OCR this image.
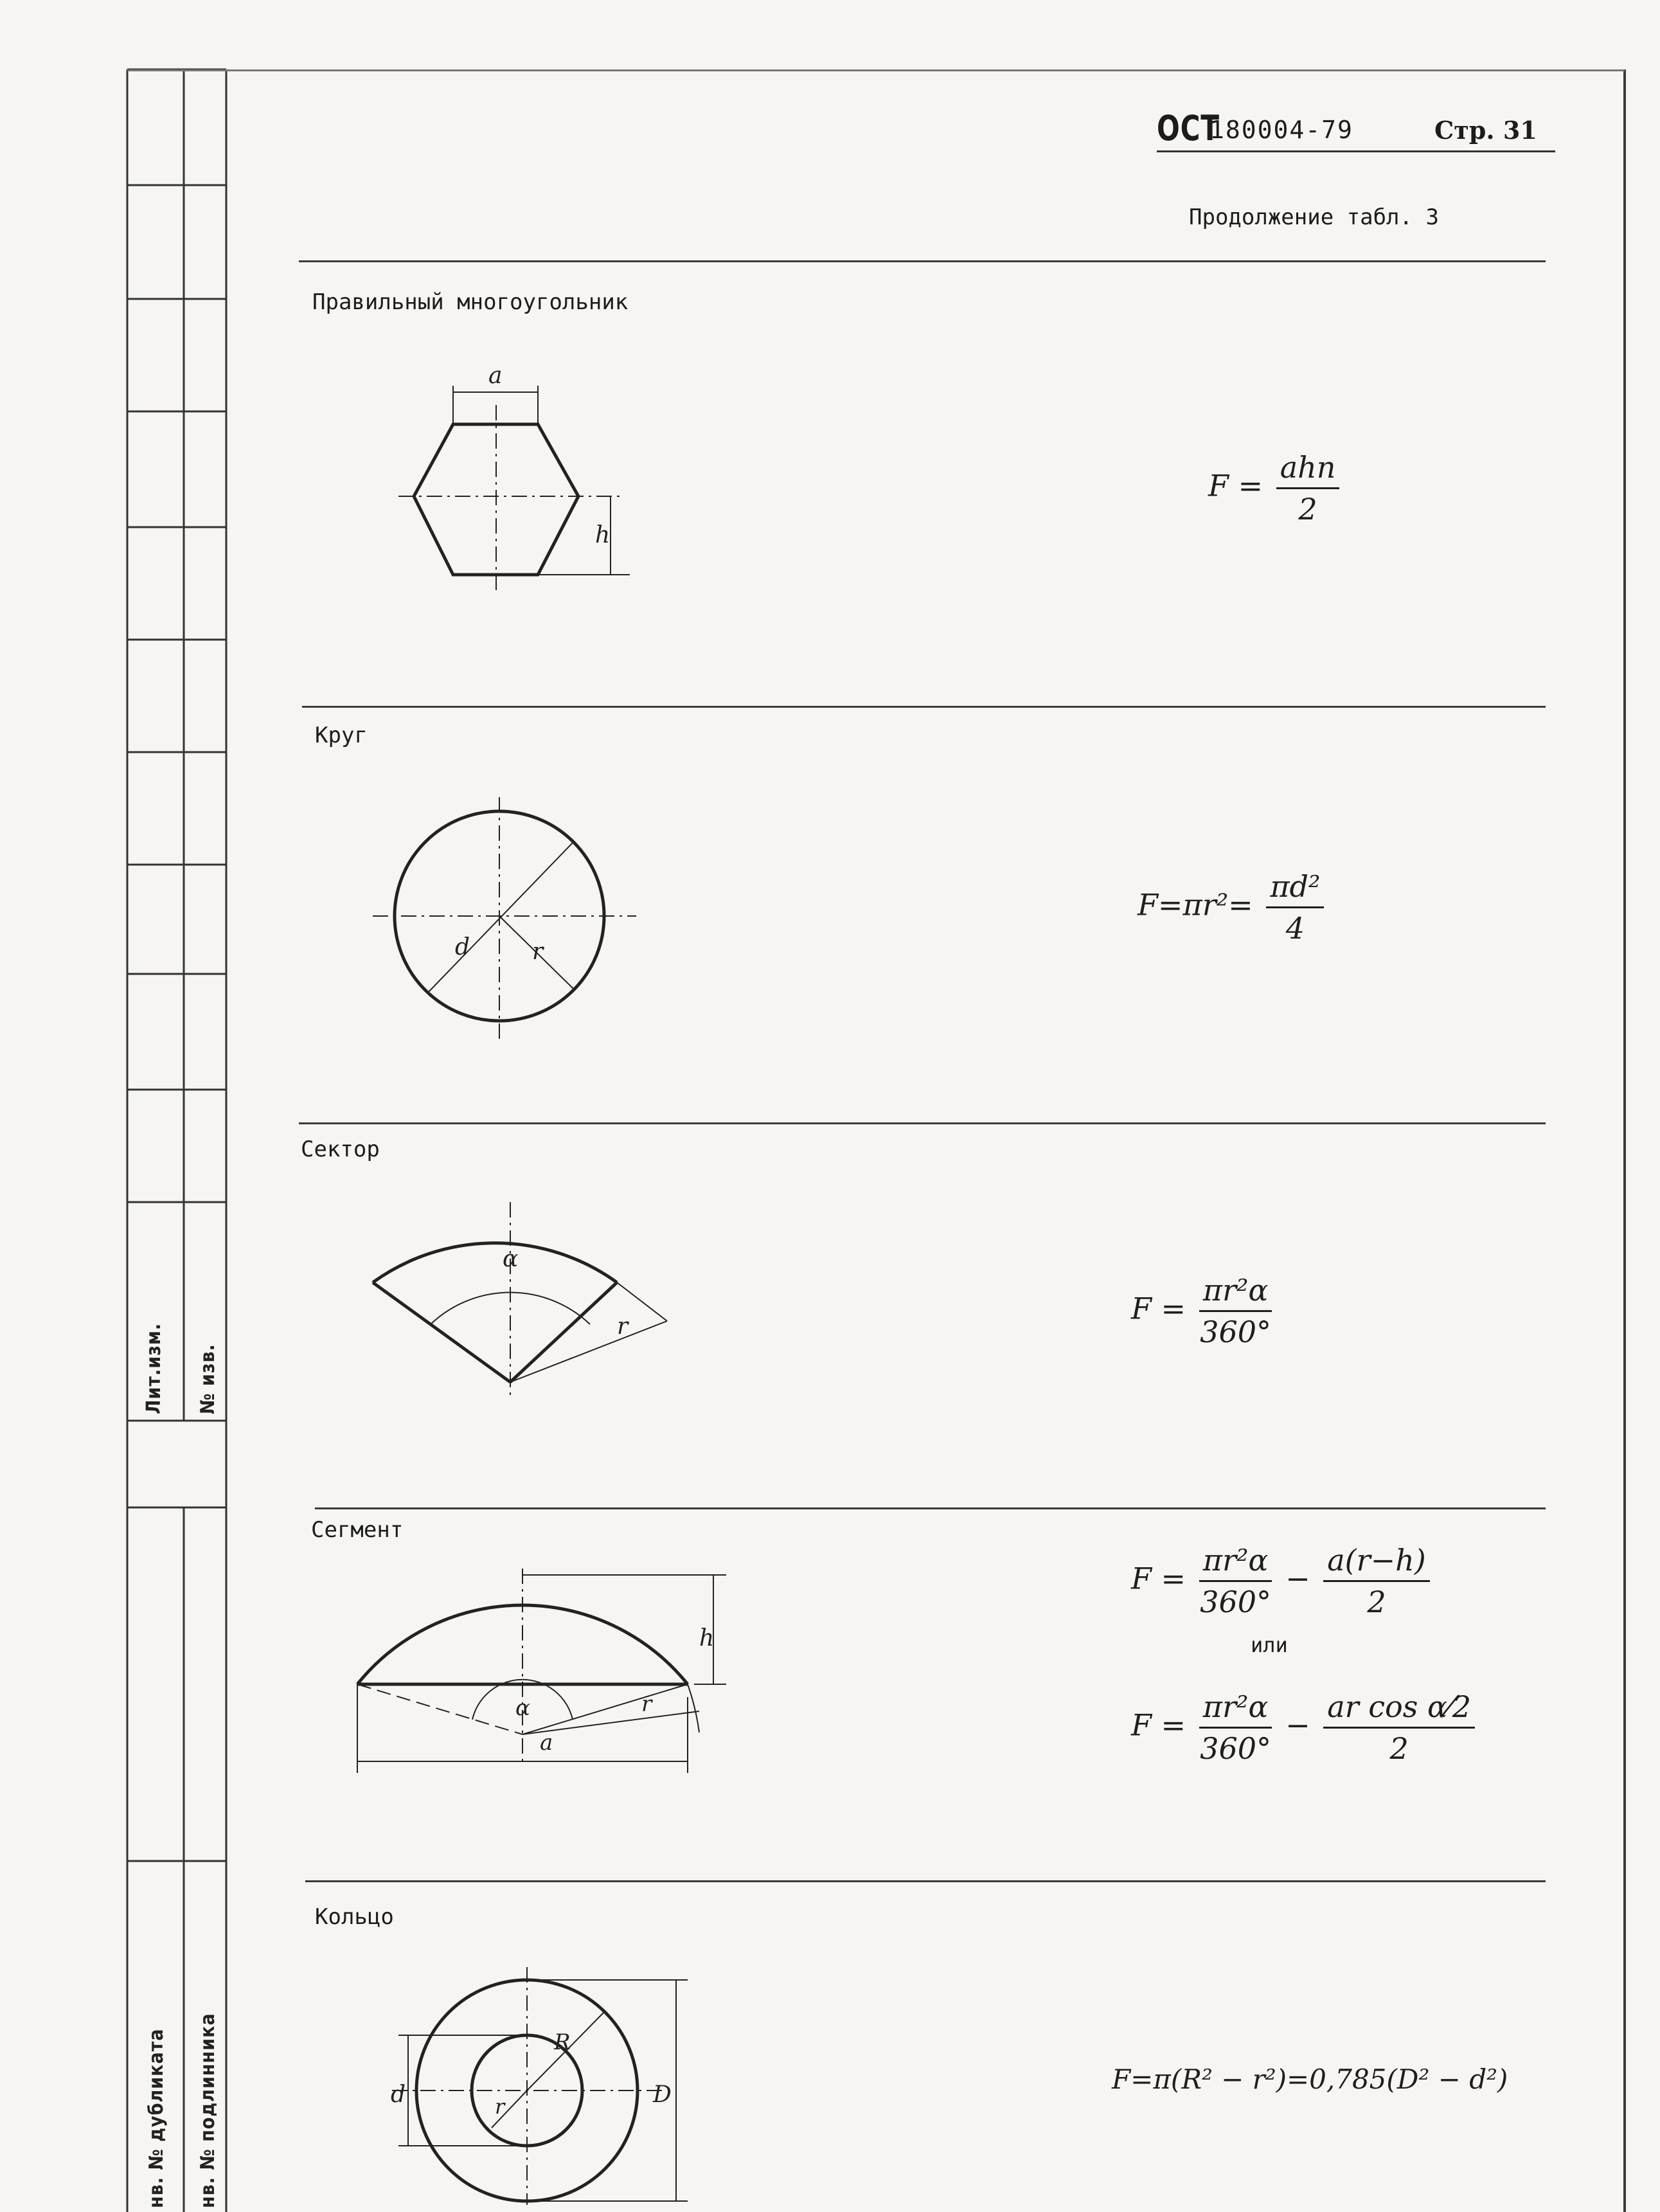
Лит.изм. № изв.
нв. № дубликата нв. № подлинника
ОСТ
180004-79	Стр. 31
Продолжение табл. 3
Правильный многоугольник
a
h
$F = \frac{\text{ahn}}{2}$
Круг
d	r
$F=\pi r^2= \frac{\text{πd²}}{4}$
Сектор
α
r
$F = \frac{\text{πr²α}}{360^\circ}$
Сегмент
h
α	r
a
$F = \frac{\text{πr²α}}{360^\circ} - \frac{a(r-h)}{2}$
или
$F = \frac{\text{πr²α}}{360^\circ} - \frac{\text{ar cos α⁄2}}{2}$
Кольцо
d	r
R
D	F=π(R² − r²)=0,785(D² − d²)
